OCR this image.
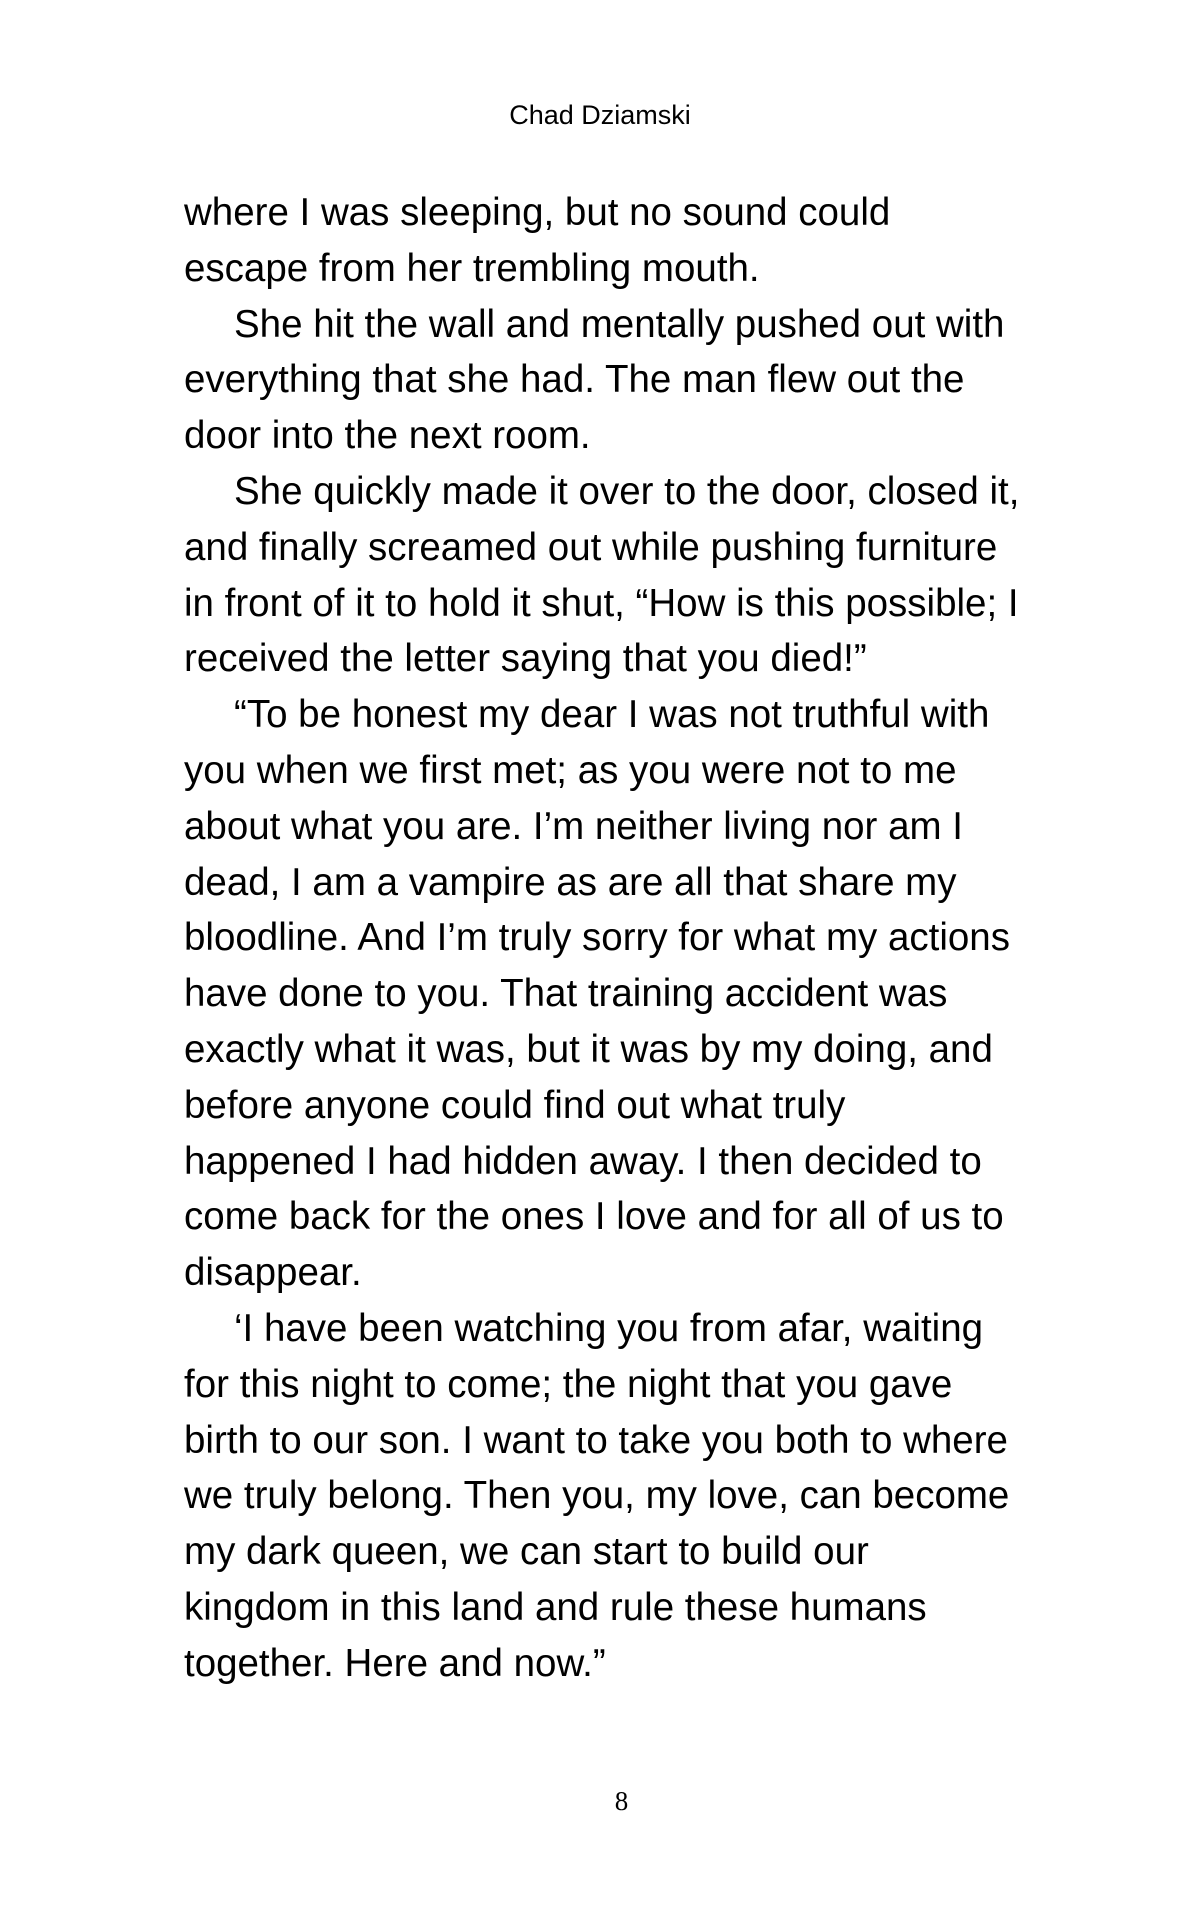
Chad Dziamski

where I was sleeping, but no sound could
escape from her trembling mouth.

She hit the wall and mentally pushed out with
everything that she had. The man flew out the
door into the next room.

She quickly made it over to the door, closed it,
and finally screamed out while pushing furniture
in front of it to hold it shut, “How is this possible; I
received the letter saying that you died!”

“To be honest my dear I was not truthful with
you when we first met; as you were not to me
about what you are. I’m neither living nor am I
dead, I am a vampire as are all that share my
bloodline. And I’m truly sorry for what my actions
have done to you. That training accident was
exactly what it was, but it was by my doing, and
before anyone could find out what truly
happened I had hidden away. I then decided to
come back for the ones I love and for all of us to
disappear.

‘I have been watching you from afar, waiting
for this night to come; the night that you gave
birth to our son. I want to take you both to where
we truly belong. Then you, my love, can become
my dark queen, we can start to build our
kingdom in this land and rule these humans
together. Here and now.”

8
